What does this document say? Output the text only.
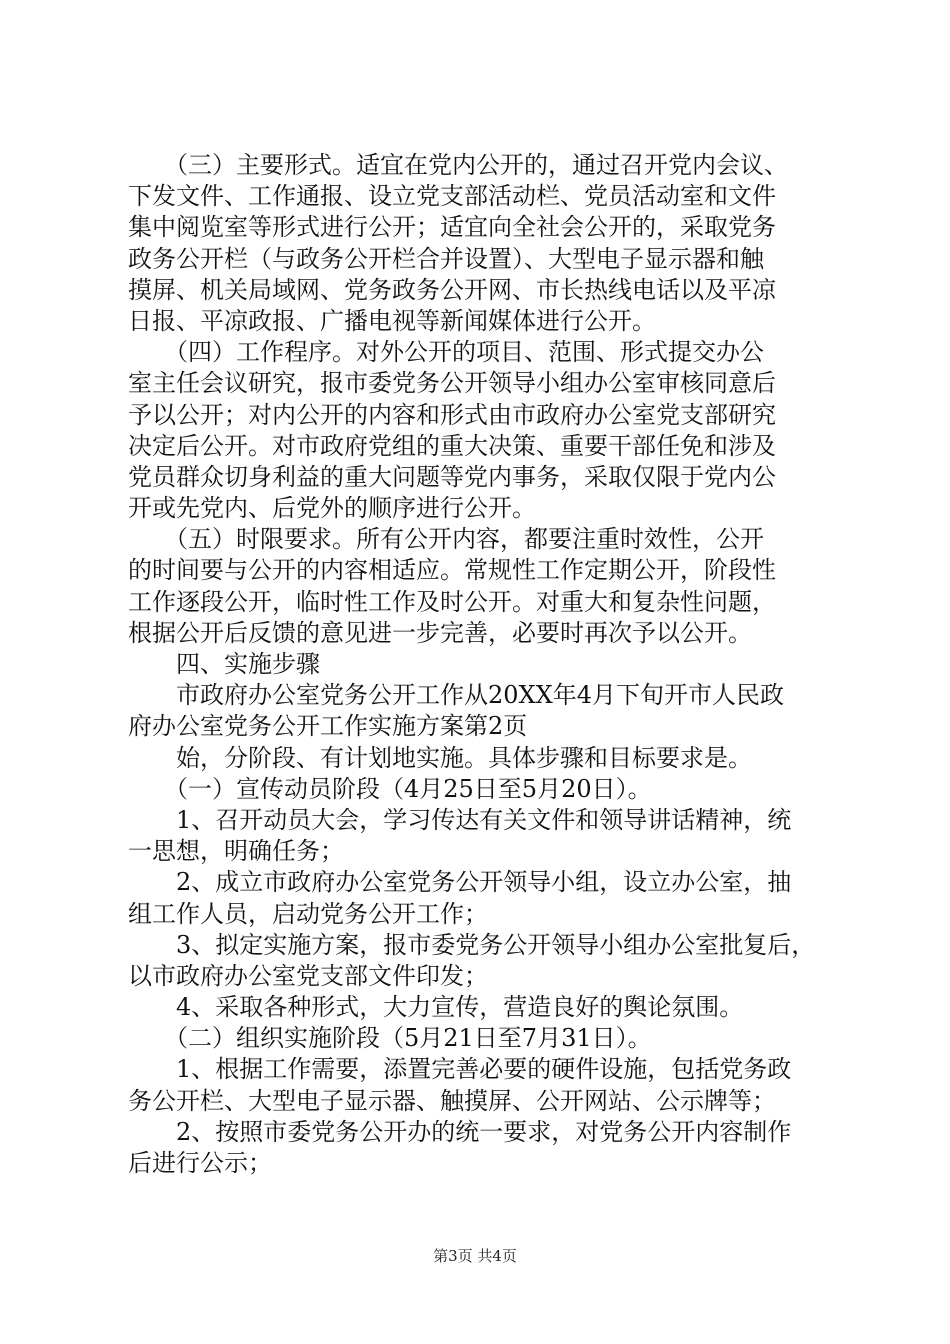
　　（三）主要形式。适宜在党内公开的，通过召开党内会议、
下发文件、工作通报、设立党支部活动栏、党员活动室和文件
集中阅览室等形式进行公开；适宜向全社会公开的，采取党务
政务公开栏（与政务公开栏合并设置）、大型电子显示器和触
摸屏、机关局域网、党务政务公开网、市长热线电话以及平凉
日报、平凉政报、广播电视等新闻媒体进行公开。
　　（四）工作程序。对外公开的项目、范围、形式提交办公
室主任会议研究，报市委党务公开领导小组办公室审核同意后
予以公开；对内公开的内容和形式由市政府办公室党支部研究
决定后公开。对市政府党组的重大决策、重要干部任免和涉及
党员群众切身利益的重大问题等党内事务，采取仅限于党内公
开或先党内、后党外的顺序进行公开。
　　（五）时限要求。所有公开内容，都要注重时效性，公开
的时间要与公开的内容相适应。常规性工作定期公开，阶段性
工作逐段公开，临时性工作及时公开。对重大和复杂性问题，
根据公开后反馈的意见进一步完善，必要时再次予以公开。
　　四、实施步骤
　　市政府办公室党务公开工作从20XX年4月下旬开市人民政
府办公室党务公开工作实施方案第2页
　　始，分阶段、有计划地实施。具体步骤和目标要求是。
　　（一）宣传动员阶段（4月25日至5月20日）。
　　1、召开动员大会，学习传达有关文件和领导讲话精神，统
一思想，明确任务；
　　2、成立市政府办公室党务公开领导小组，设立办公室，抽
组工作人员，启动党务公开工作；
　　3、拟定实施方案，报市委党务公开领导小组办公室批复后，
以市政府办公室党支部文件印发；
　　4、采取各种形式，大力宣传，营造良好的舆论氛围。
　　（二）组织实施阶段（5月21日至7月31日）。
　　1、根据工作需要，添置完善必要的硬件设施，包括党务政
务公开栏、大型电子显示器、触摸屏、公开网站、公示牌等；
　　2、按照市委党务公开办的统一要求，对党务公开内容制作
后进行公示；
第3页 共4页
